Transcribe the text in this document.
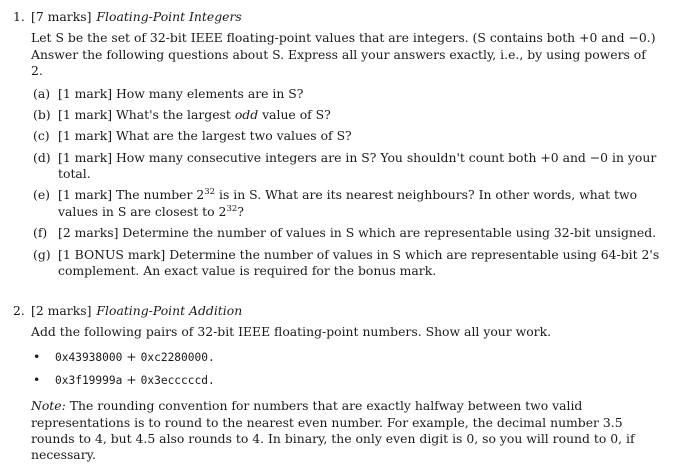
1. [7 marks] Floating-Point Integers
Let S be the set of 32-bit IEEE floating-point values that are integers. (S contains both +0 and −0.) Answer the following questions about S. Express all your answers exactly, i.e., by using powers of 2.
(a) [1 mark] How many elements are in S?
(b) [1 mark] What's the largest odd value of S?
(c) [1 mark] What are the largest two values of S?
(d) [1 mark] How many consecutive integers are in S? You shouldn't count both +0 and −0 in your total.
(e) [1 mark] The number $2^{32}$ is in S. What are its nearest neighbours? In other words, what two values in S are closest to $2^{32}$?
(f) [2 marks] Determine the number of values in S which are representable using 32-bit unsigned.
(g) [1 BONUS mark] Determine the number of values in S which are representable using 64-bit 2's complement. An exact value is required for the bonus mark.
2. [2 marks] Floating-Point Addition
Add the following pairs of 32-bit IEEE floating-point numbers. Show all your work.
•	0x43938000 + 0xc2280000.
•	0x3f19999a + 0x3ecccccd.
Note: The rounding convention for numbers that are exactly halfway between two valid representations is to round to the nearest even number. For example, the decimal number 3.5 rounds to 4, but 4.5 also rounds to 4. In binary, the only even digit is 0, so you will round to 0, if necessary.
